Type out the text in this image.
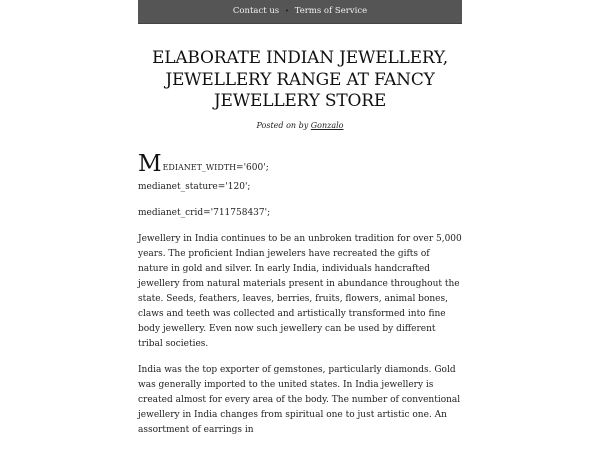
Contact us	• Terms of Service
ELABORATE INDIAN JEWELLERY, JEWELLERY RANGE AT FANCY JEWELLERY STORE
Posted on by Gonzalo
M EDIANET_WIDTH='600';

medianet_stature='120';

medianet_crid='711758437';

Jewellery in India continues to be an unbroken tradition for over 5,000 years. The proficient Indian jewelers have recreated the gifts of nature in gold and silver. In early India, individuals handcrafted jewellery from natural materials present in abundance throughout the state. Seeds, feathers, leaves, berries, fruits, flowers, animal bones, claws and teeth was collected and artistically transformed into fine body jewellery. Even now such jewellery can be used by different tribal societies.

India was the top exporter of gemstones, particularly diamonds. Gold was generally imported to the united states. In India jewellery is created almost for every area of the body. The number of conventional jewellery in India changes from spiritual one to just artistic one. An assortment of earrings in
